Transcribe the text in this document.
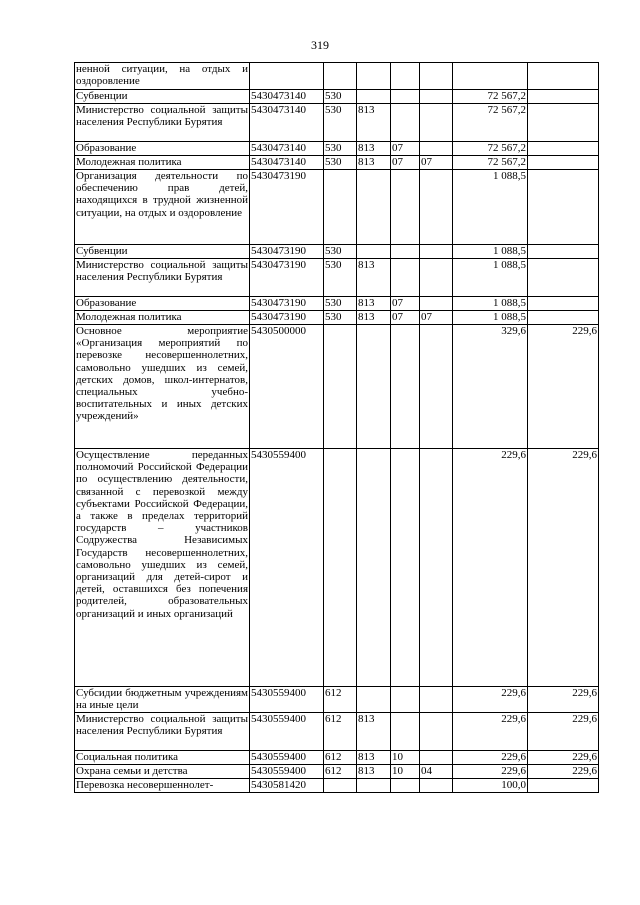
319
ненной ситуации, на отдых и оздоровление							
Субвенции	5430473140	530				72 567,2	
Министерство социальной защиты населения Республики Бурятия	5430473140	530	813			72 567,2	
Образование	5430473140	530	813	07		72 567,2	
Молодежная политика	5430473140	530	813	07	07	72 567,2	
Организация деятельности по обеспечению прав детей, находящихся в трудной жизненной ситуации, на отдых и оздоровление	5430473190					1 088,5	
Субвенции	5430473190	530				1 088,5	
Министерство социальной защиты населения Республики Бурятия	5430473190	530	813			1 088,5	
Образование	5430473190	530	813	07		1 088,5	
Молодежная политика	5430473190	530	813	07	07	1 088,5	
Основное мероприятие «Организация мероприятий по перевозке несовершеннолетних, самовольно ушедших из семей, детских домов, школ-интернатов, специальных учебно-воспитательных и иных детских учреждений»	5430500000					329,6	229,6
Осуществление переданных полномочий Российской Федерации по осуществлению деятельности, связанной с перевозкой между субъектами Российской Федерации, а также в пределах территорий государств – участников Содружества Независимых Государств несовершеннолетних, самовольно ушедших из семей, организаций для детей-сирот и детей, оставшихся без попечения родителей, образовательных организаций и иных организаций	5430559400					229,6	229,6
Субсидии бюджетным учреждениям на иные цели	5430559400	612				229,6	229,6
Министерство социальной защиты населения Республики Бурятия	5430559400	612	813			229,6	229,6
Социальная политика	5430559400	612	813	10		229,6	229,6
Охрана семьи и детства	5430559400	612	813	10	04	229,6	229,6
Перевозка несовершеннолет-	5430581420					100,0	
